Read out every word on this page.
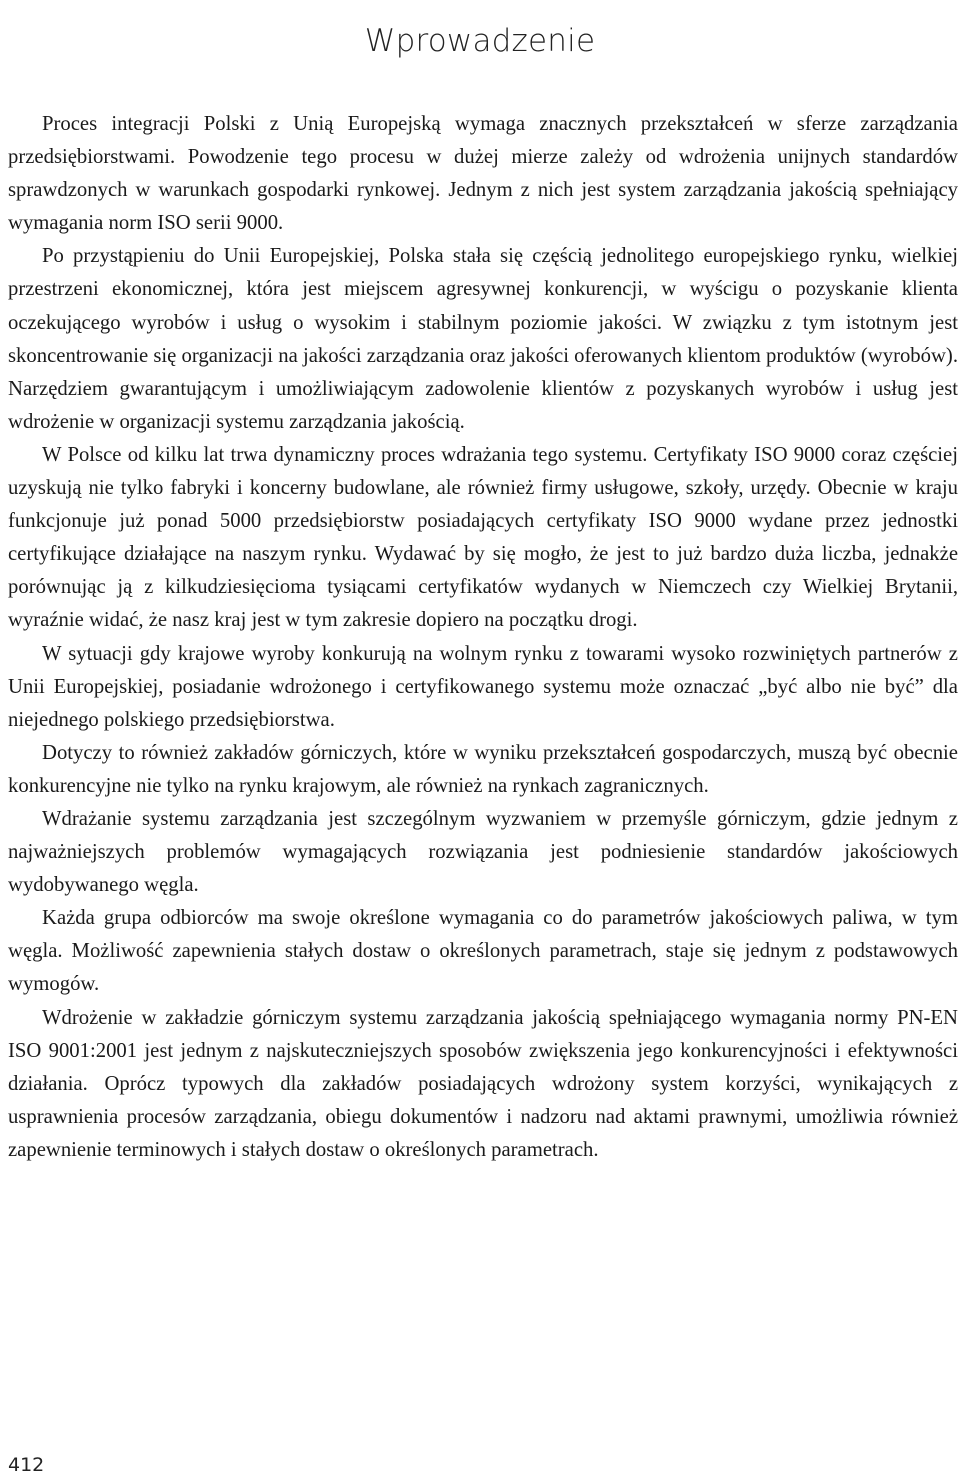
Wprowadzenie

Proces integracji Polski z Unią Europejską wymaga znacznych przekształceń w sferze zarządzania przedsiębiorstwami. Powodzenie tego procesu w dużej mierze zależy od wdrożenia unijnych standardów sprawdzonych w warunkach gospodarki rynkowej. Jednym z nich jest system zarządzania jakością spełniający wymagania norm ISO serii 9000.

Po przystąpieniu do Unii Europejskiej, Polska stała się częścią jednolitego europejskiego rynku, wielkiej przestrzeni ekonomicznej, która jest miejscem agresywnej konkurencji, w wyścigu o pozyskanie klienta oczekującego wyrobów i usług o wysokim i stabilnym poziomie jakości. W związku z tym istotnym jest skoncentrowanie się organizacji na jakości zarządzania oraz jakości oferowanych klientom produktów (wyrobów). Narzędziem gwarantującym i umożliwiającym zadowolenie klientów z pozyskanych wyrobów i usług jest wdrożenie w organizacji systemu zarządzania jakością.

W Polsce od kilku lat trwa dynamiczny proces wdrażania tego systemu. Certyfikaty ISO 9000 coraz częściej uzyskują nie tylko fabryki i koncerny budowlane, ale również firmy usługowe, szkoły, urzędy. Obecnie w kraju funkcjonuje już ponad 5000 przedsiębiorstw posiadających certyfikaty ISO 9000 wydane przez jednostki certyfikujące działające na naszym rynku. Wydawać by się mogło, że jest to już bardzo duża liczba, jednakże porównując ją z kilkudziesięcioma tysiącami certyfikatów wydanych w Niemczech czy Wielkiej Brytanii, wyraźnie widać, że nasz kraj jest w tym zakresie dopiero na początku drogi.

W sytuacji gdy krajowe wyroby konkurują na wolnym rynku z towarami wysoko rozwiniętych partnerów z Unii Europejskiej, posiadanie wdrożonego i certyfikowanego systemu może oznaczać „być albo nie być” dla niejednego polskiego przedsiębiorstwa.

Dotyczy to również zakładów górniczych, które w wyniku przekształceń gospodarczych, muszą być obecnie konkurencyjne nie tylko na rynku krajowym, ale również na rynkach zagranicznych.

Wdrażanie systemu zarządzania jest szczególnym wyzwaniem w przemyśle górniczym, gdzie jednym z najważniejszych problemów wymagających rozwiązania jest podniesienie standardów jakościowych wydobywanego węgla.

Każda grupa odbiorców ma swoje określone wymagania co do parametrów jakościowych paliwa, w tym węgla. Możliwość zapewnienia stałych dostaw o określonych parametrach, staje się jednym z podstawowych wymogów.

Wdrożenie w zakładzie górniczym systemu zarządzania jakością spełniającego wymagania normy PN-EN ISO 9001:2001 jest jednym z najskuteczniejszych sposobów zwiększenia jego konkurencyjności i efektywności działania. Oprócz typowych dla zakładów posiadających wdrożony system korzyści, wynikających z usprawnienia procesów zarządzania, obiegu dokumentów i nadzoru nad aktami prawnymi, umożliwia również zapewnienie terminowych i stałych dostaw o określonych parametrach.

412
